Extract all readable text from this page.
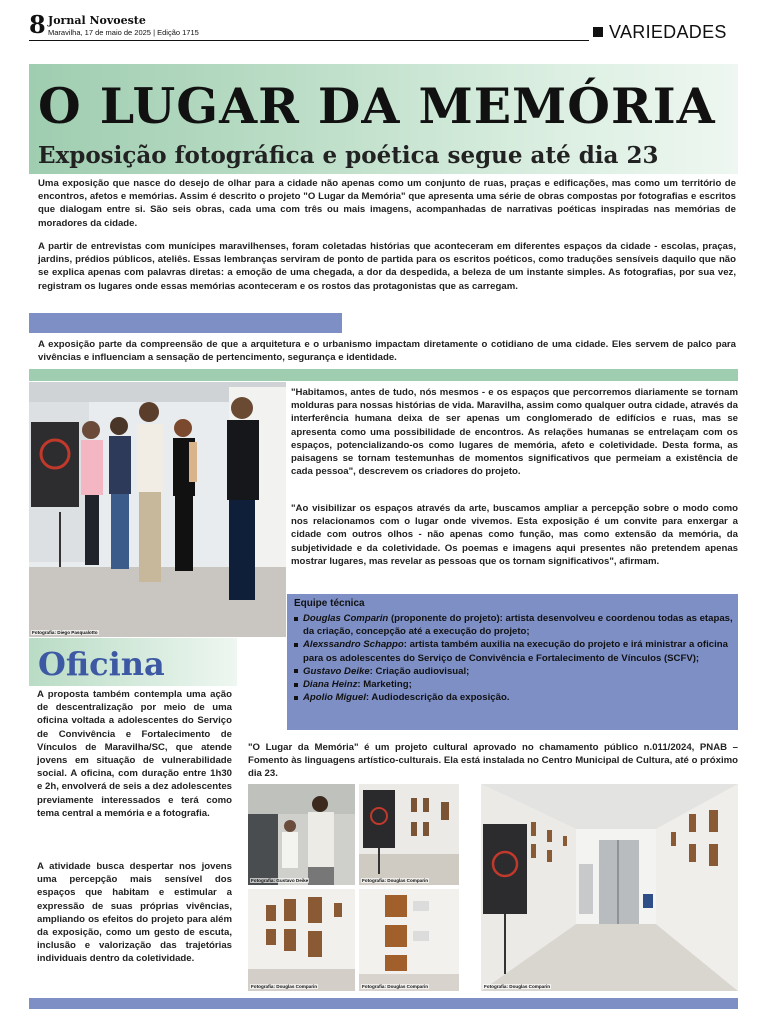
8 Jornal Novoeste
Maravilha, 17 de maio de 2025 | Edição 1715	VARIEDADES
O LUGAR DA MEMÓRIA
Exposição fotográfica e poética segue até dia 23

Uma exposição que nasce do desejo de olhar para a cidade não apenas como um conjunto de ruas, praças e edificações, mas como um território de encontros, afetos e memórias. Assim é descrito o projeto "O Lugar da Memória" que apresenta uma série de obras compostas por fotografias e escritos que dialogam entre si. São seis obras, cada uma com três ou mais imagens, acompanhadas de narrativas poéticas inspiradas nas memórias de moradores da cidade.

A partir de entrevistas com munícipes maravilhenses, foram coletadas histórias que aconteceram em diferentes espaços da cidade - escolas, praças, jardins, prédios públicos, ateliês. Essas lembranças serviram de ponto de partida para os escritos poéticos, como traduções sensíveis daquilo que não se explica apenas com palavras diretas: a emoção de uma chegada, a dor da despedida, a beleza de um instante simples. As fotografias, por sua vez, registram os lugares onde essas memórias aconteceram e os rostos das protagonistas que as carregam.

A exposição parte da compreensão de que a arquitetura e o urbanismo impactam diretamente o cotidiano de uma cidade. Eles servem de palco para vivências e influenciam a sensação de pertencimento, segurança e identidade.

Fotografia: Diego Pasqualotto

"Habitamos, antes de tudo, nós mesmos - e os espaços que percorremos diariamente se tornam molduras para nossas histórias de vida. Maravilha, assim como qualquer outra cidade, através da interferência humana deixa de ser apenas um conglomerado de edifícios e ruas, mas se apresenta como uma possibilidade de encontros. As relações humanas se entrelaçam com os espaços, potencializando-os como lugares de memória, afeto e coletividade. Desta forma, as paisagens se tornam testemunhas de momentos significativos que permeiam a existência de cada pessoa", descrevem os criadores do projeto.

"Ao visibilizar os espaços através da arte, buscamos ampliar a percepção sobre o modo como nos relacionamos com o lugar onde vivemos. Esta exposição é um convite para enxergar a cidade com outros olhos - não apenas como função, mas como extensão da memória, da subjetividade e da coletividade. Os poemas e imagens aqui presentes não pretendem apenas mostrar lugares, mas revelar as pessoas que os tornam significativos", afirmam.

Equipe técnica
Douglas Comparin (proponente do projeto): artista desenvolveu e coordenou todas as etapas, da criação, concepção até a execução do projeto;
Alexssandro Schappo: artista também auxilia na execução do projeto e irá ministrar a oficina para os adolescentes do Serviço de Convivência e Fortalecimento de Vínculos (SCFV);
Gustavo Deike: Criação audiovisual;
Diana Heinz: Marketing;
Apolio Miguel: Audiodescrição da exposição.
Oficina

A proposta também contempla uma ação de descentralização por meio de uma oficina voltada a adolescentes do Serviço de Convivência e Fortalecimento de Vínculos de Maravilha/SC, que atende jovens em situação de vulnerabilidade social. A oficina, com duração entre 1h30 e 2h, envolverá de seis a dez adolescentes previamente interessados e terá como tema central a memória e a fotografia.

A atividade busca despertar nos jovens uma percepção mais sensível dos espaços que habitam e estimular a expressão de suas próprias vivências, ampliando os efeitos do projeto para além da exposição, como um gesto de escuta, inclusão e valorização das trajetórias individuais dentro da coletividade.

"O Lugar da Memória" é um projeto cultural aprovado no chamamento público n.011/2024, PNAB – Fomento às linguagens artístico-culturais. Ela está instalada no Centro Municipal de Cultura, até o próximo dia 23.

Fotografia: Gustavo Deike	Fotografia: Douglas Comparin
Fotografia: Douglas Comparin	Fotografia: Douglas Comparin	Fotografia: Douglas Comparin
